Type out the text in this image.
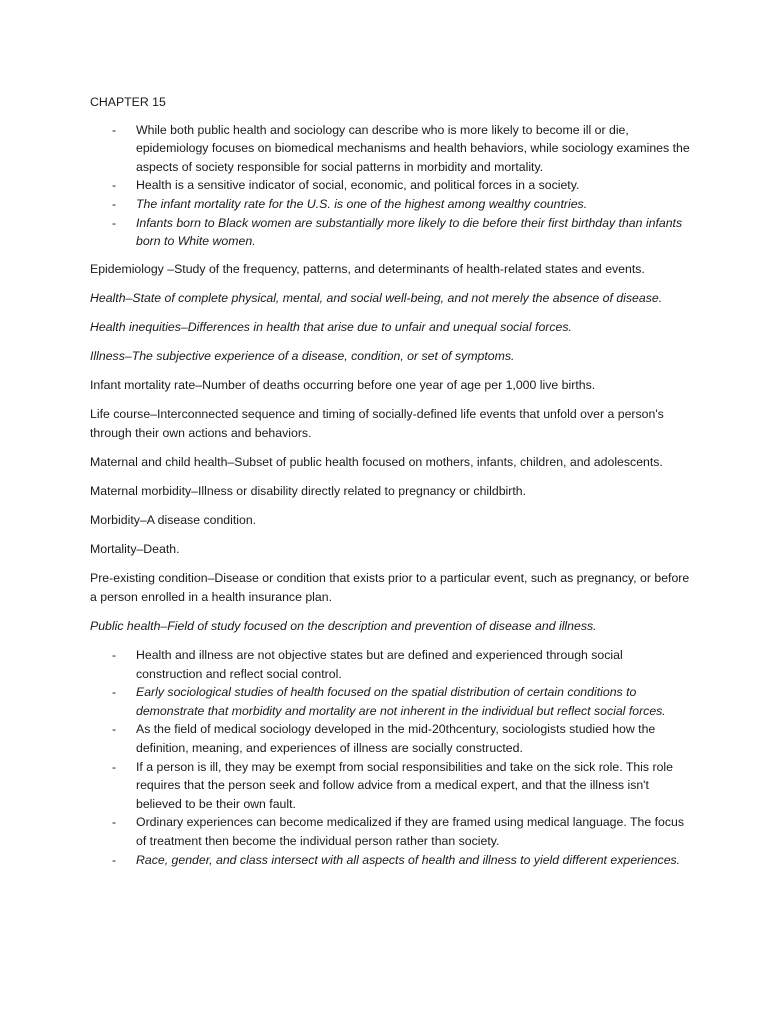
CHAPTER 15

- While both public health and sociology can describe who is more likely to become ill or die, epidemiology focuses on biomedical mechanisms and health behaviors, while sociology examines the aspects of society responsible for social patterns in morbidity and mortality.
- Health is a sensitive indicator of social, economic, and political forces in a society.
- The infant mortality rate for the U.S. is one of the highest among wealthy countries.
- Infants born to Black women are substantially more likely to die before their first birthday than infants born to White women.

Epidemiology –Study of the frequency, patterns, and determinants of health-related states and events.

Health–State of complete physical, mental, and social well-being, and not merely the absence of disease.

Health inequities–Differences in health that arise due to unfair and unequal social forces.

Illness–The subjective experience of a disease, condition, or set of symptoms.

Infant mortality rate–Number of deaths occurring before one year of age per 1,000 live births.

Life course–Interconnected sequence and timing of socially-defined life events that unfold over a person's through their own actions and behaviors.

Maternal and child health–Subset of public health focused on mothers, infants, children, and adolescents.

Maternal morbidity–Illness or disability directly related to pregnancy or childbirth.

Morbidity–A disease condition.

Mortality–Death.

Pre-existing condition–Disease or condition that exists prior to a particular event, such as pregnancy, or before a person enrolled in a health insurance plan.

Public health–Field of study focused on the description and prevention of disease and illness.

- Health and illness are not objective states but are defined and experienced through social construction and reflect social control.
- Early sociological studies of health focused on the spatial distribution of certain conditions to demonstrate that morbidity and mortality are not inherent in the individual but reflect social forces.
- As the field of medical sociology developed in the mid-20thcentury, sociologists studied how the definition, meaning, and experiences of illness are socially constructed.
- If a person is ill, they may be exempt from social responsibilities and take on the sick role. This role requires that the person seek and follow advice from a medical expert, and that the illness isn't believed to be their own fault.
- Ordinary experiences can become medicalized if they are framed using medical language. The focus of treatment then become the individual person rather than society.
- Race, gender, and class intersect with all aspects of health and illness to yield different experiences.
